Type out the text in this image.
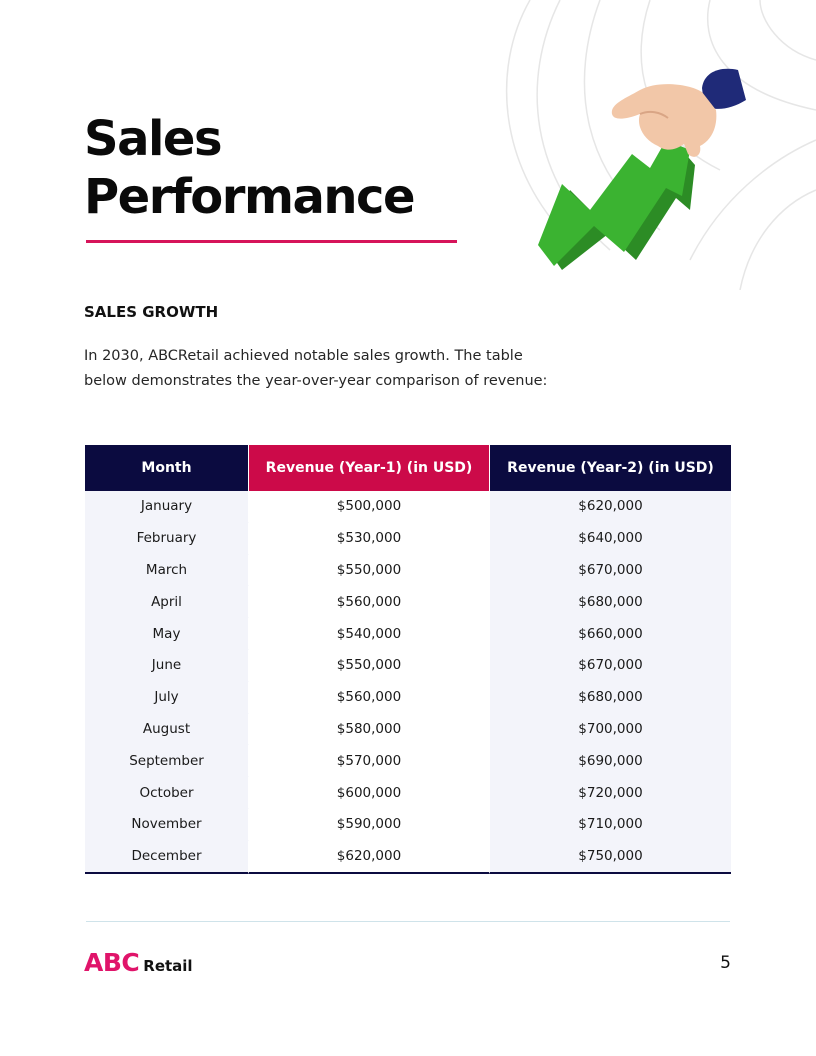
Sales
Performance
SALES GROWTH

In 2030, ABCRetail achieved notable sales growth. The table below demonstrates the year-over-year comparison of revenue:

Month	Revenue (Year-1) (in USD)	Revenue (Year-2) (in USD)
January	$500,000	$620,000
February	$530,000	$640,000
March	$550,000	$670,000
April	$560,000	$680,000
May	$540,000	$660,000
June	$550,000	$670,000
July	$560,000	$680,000
August	$580,000	$700,000
September	$570,000	$690,000
October	$600,000	$720,000
November	$590,000	$710,000
December	$620,000	$750,000
ABC Retail	5
